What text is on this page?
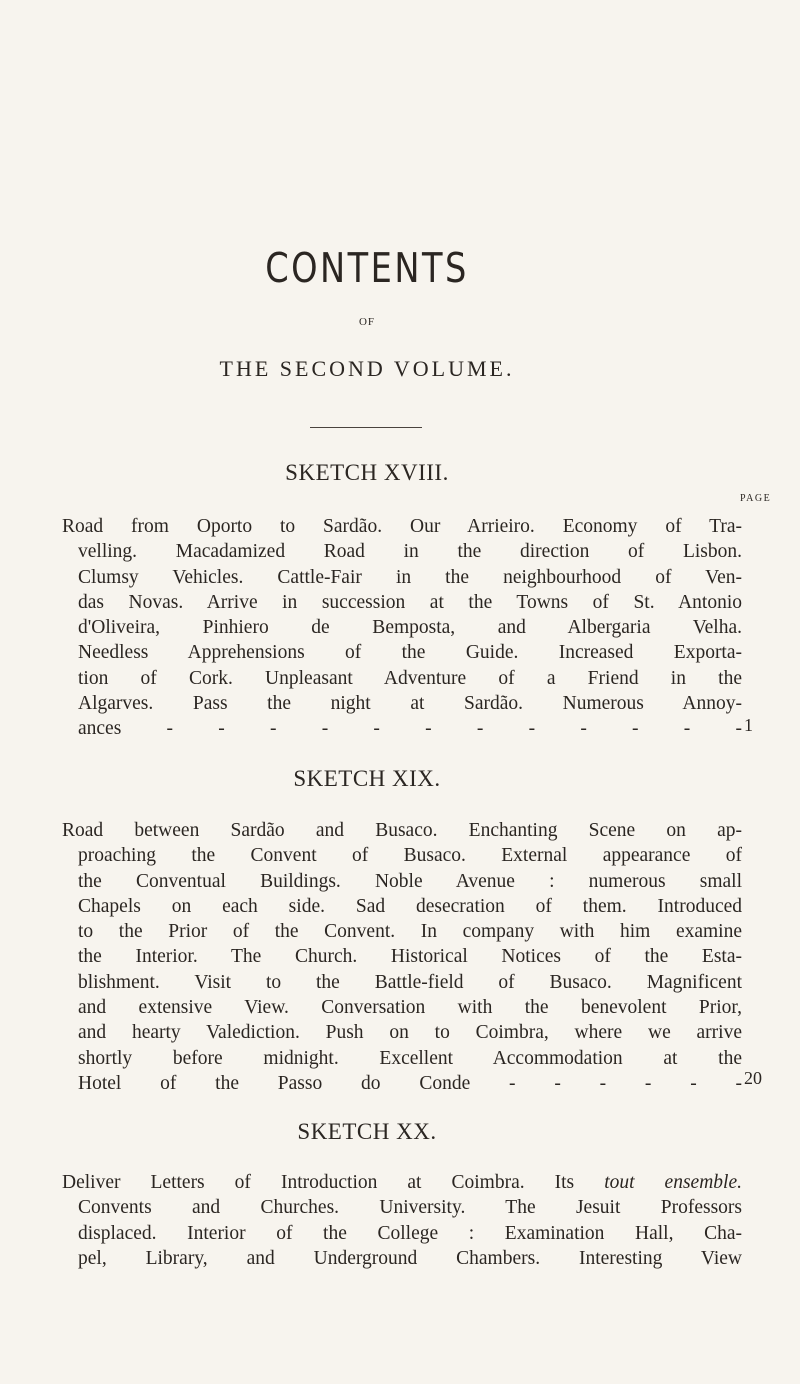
CONTENTS
OF
THE SECOND VOLUME.
SKETCH XVIII.
PAGE
Road from Oporto to Sardão. Our Arrieiro. Economy of Tra-
velling. Macadamized Road in the direction of Lisbon.
Clumsy Vehicles. Cattle-Fair in the neighbourhood of Ven-
das Novas. Arrive in succession at the Towns of St. Antonio
d'Oliveira, Pinhiero de Bemposta, and Albergaria Velha.
Needless Apprehensions of the Guide. Increased Exporta-
tion of Cork. Unpleasant Adventure of a Friend in the
Algarves. Pass the night at Sardão. Numerous Annoy-
ances - - - - - - - - - - - - 1
SKETCH XIX.
Road between Sardão and Busaco. Enchanting Scene on ap-
proaching the Convent of Busaco. External appearance of
the Conventual Buildings. Noble Avenue : numerous small
Chapels on each side. Sad desecration of them. Introduced
to the Prior of the Convent. In company with him examine
the Interior. The Church. Historical Notices of the Esta-
blishment. Visit to the Battle-field of Busaco. Magnificent
and extensive View. Conversation with the benevolent Prior,
and hearty Valediction. Push on to Coimbra, where we arrive
shortly before midnight. Excellent Accommodation at the
Hotel of the Passo do Conde - - - - - - 20
SKETCH XX.
Deliver Letters of Introduction at Coimbra. Its tout ensemble.
Convents and Churches. University. The Jesuit Professors
displaced. Interior of the College : Examination Hall, Cha-
pel, Library, and Underground Chambers. Interesting View
